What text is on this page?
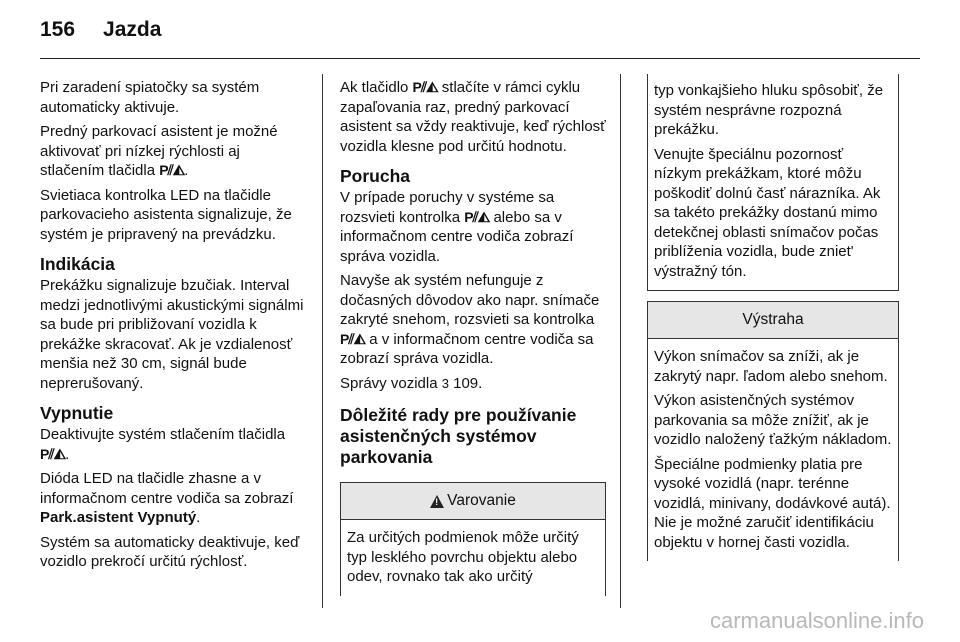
156 Jazda

Pri zaradení spiatočky sa systém automaticky aktivuje.

Predný parkovací asistent je možné aktivovať pri nízkej rýchlosti aj stlačením tlačidla P⫽◭.

Svietiaca kontrolka LED na tlačidle parkovacieho asistenta signalizuje, že systém je pripravený na prevádzku.

Indikácia

Prekážku signalizuje bzučiak. Interval medzi jednotlivými akustickými signálmi sa bude pri približovaní vozidla k prekážke skracovať. Ak je vzdialenosť menšia než 30 cm, signál bude neprerušovaný.

Vypnutie

Deaktivujte systém stlačením tlačidla P⫽◭.

Dióda LED na tlačidle zhasne a v informačnom centre vodiča sa zobrazí Park.asistent Vypnutý.

Systém sa automaticky deaktivuje, keď vozidlo prekročí určitú rýchlosť.

Ak tlačidlo P⫽◭ stlačíte v rámci cyklu zapaľovania raz, predný parkovací asistent sa vždy reaktivuje, keď rýchlosť vozidla klesne pod určitú hodnotu.

Porucha

V prípade poruchy v systéme sa rozsvieti kontrolka P⫽◭ alebo sa v informačnom centre vodiča zobrazí správa vozidla.

Navyše ak systém nefunguje z dočasných dôvodov ako napr. snímače zakryté snehom, rozsvieti sa kontrolka P⫽◭ a v informačnom centre vodiča sa zobrazí správa vozidla.

Správy vozidla 3 109.

Dôležité rady pre používanie asistenčných systémov parkovania
!
Varovanie

Za určitých podmienok môže určitý typ lesklého povrchu objektu alebo odev, rovnako tak ako určitý

typ vonkajšieho hluku spôsobiť, že systém nesprávne rozpozná prekážku.

Venujte špeciálnu pozornosť nízkym prekážkam, ktoré môžu poškodiť dolnú časť nárazníka. Ak sa takéto prekážky dostanú mimo detekčnej oblasti snímačov počas priblíženia vozidla, bude zniet' výstražný tón.

Výstraha

Výkon snímačov sa zníži, ak je zakrytý napr. ľadom alebo snehom.

Výkon asistenčných systémov parkovania sa môže znížiť, ak je vozidlo naložený ťažkým nákladom.

Špeciálne podmienky platia pre vysoké vozidlá (napr. terénne vozidlá, minivany, dodávkové autá). Nie je možné zaručiť identifikáciu objektu v hornej časti vozidla.

carmanualsonline.info
